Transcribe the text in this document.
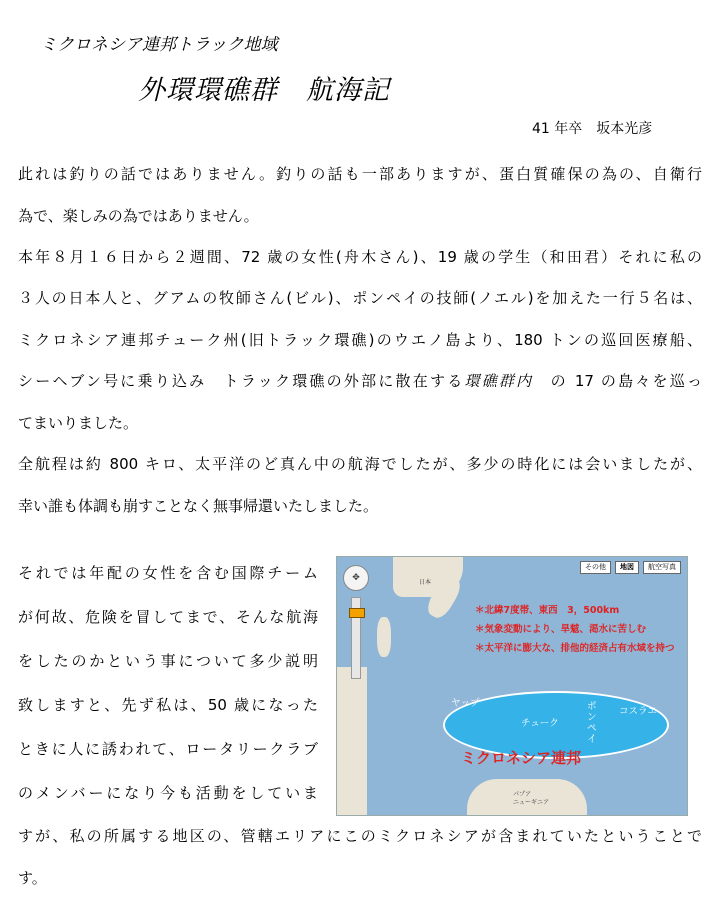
ミクロネシア連邦トラック地域
外環環礁群　航海記
41 年卒　坂本光彦
此れは釣りの話ではありません。釣りの話も一部ありますが、蛋白質確保の為の、自衛行
為で、楽しみの為ではありません。
本年８月１６日から２週間、72 歳の女性(舟木さん)、19 歳の学生（和田君）それに私の
３人の日本人と、グアムの牧師さん(ビル)、ポンペイの技師(ノエル)を加えた一行５名は、
ミクロネシア連邦チューク州(旧トラック環礁)のウエノ島より、180 トンの巡回医療船、
シーヘブン号に乗り込み　トラック環礁の外部に散在する環礁群内　の 17 の島々を巡っ
てまいりました。
全航程は約 800 キロ、太平洋のど真ん中の航海でしたが、多少の時化には会いましたが、
幸い誰も体調も崩すことなく無事帰還いたしました。
それでは年配の女性を含む国際チーム
が何故、危険を冒してまで、そんな航海
をしたのかという事について多少説明
致しますと、先ず私は、50 歳になった
ときに人に誘われて、ロータリークラブ
のメンバーになり今も活動をしていま
すが、私の所属する地区の、管轄エリアにこのミクロネシアが含まれていたということで
す。
日本
パプア
ニューギニア
その他	地図	航空写真
✥
＊北緯7度帯、東西　3，500km
＊気象変動により、旱魃、渇水に苦しむ
＊太平洋に膨大な、排他的経済占有水域を持つ
ヤップ
チューク
ポンペイ
コスラエ
ミクロネシア連邦
